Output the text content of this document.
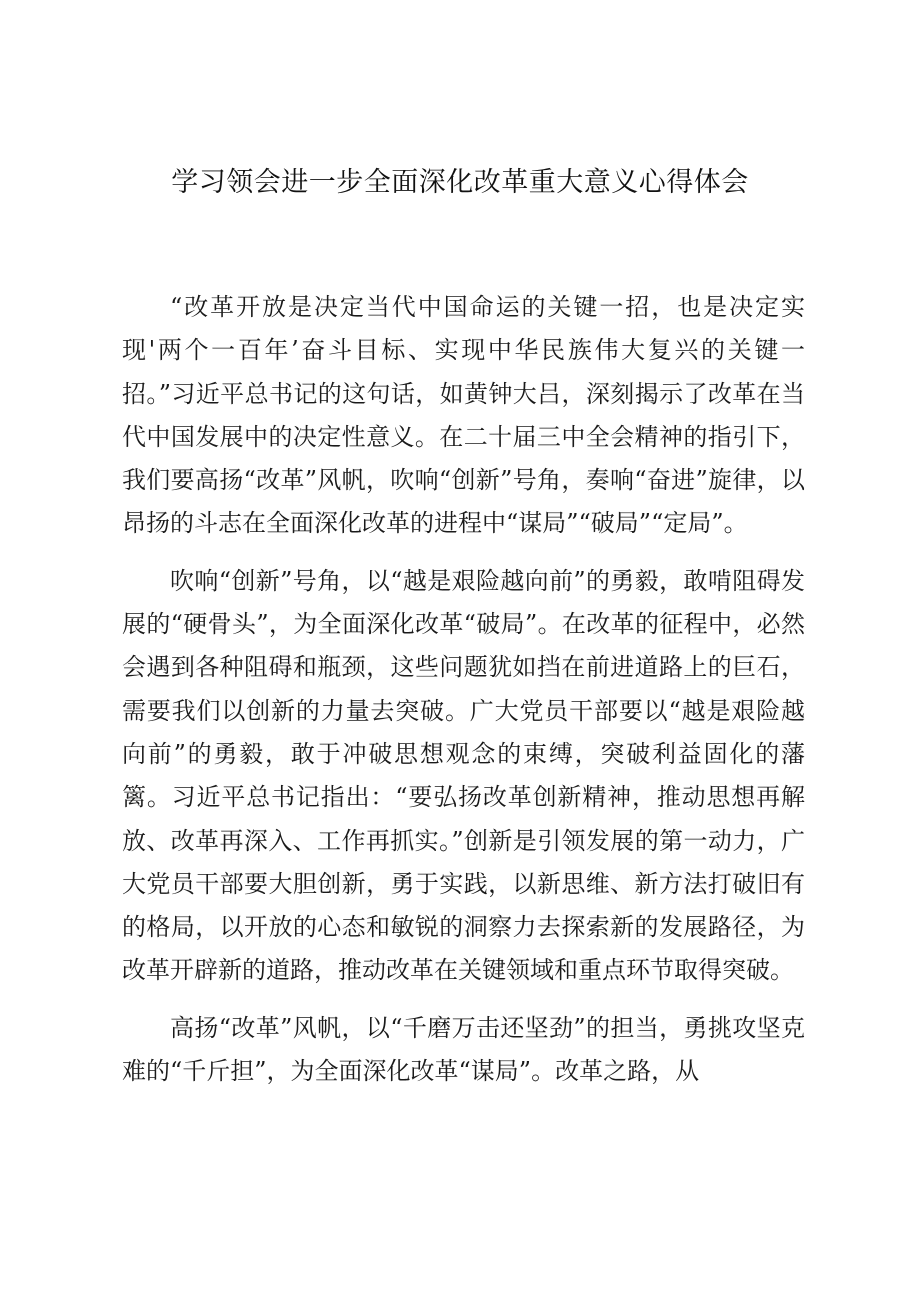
学习领会进一步全面深化改革重大意义心得体会

“改革开放是决定当代中国命运的关键一招，也是决定实现'两个一百年’奋斗目标、实现中华民族伟大复兴的关键一招。”习近平总书记的这句话，如黄钟大吕，深刻揭示了改革在当代中国发展中的决定性意义。在二十届三中全会精神的指引下，我们要高扬“改革”风帆，吹响“创新”号角，奏响“奋进”旋律，以昂扬的斗志在全面深化改革的进程中“谋局”“破局”“定局”。

吹响“创新”号角，以“越是艰险越向前”的勇毅，敢啃阻碍发展的“硬骨头”，为全面深化改革“破局”。在改革的征程中，必然会遇到各种阻碍和瓶颈，这些问题犹如挡在前进道路上的巨石，需要我们以创新的力量去突破。广大党员干部要以“越是艰险越向前”的勇毅，敢于冲破思想观念的束缚，突破利益固化的藩篱。习近平总书记指出：“要弘扬改革创新精神，推动思想再解放、改革再深入、工作再抓实。”创新是引领发展的第一动力，广大党员干部要大胆创新，勇于实践，以新思维、新方法打破旧有的格局，以开放的心态和敏锐的洞察力去探索新的发展路径，为改革开辟新的道路，推动改革在关键领域和重点环节取得突破。

高扬“改革”风帆，以“千磨万击还坚劲”的担当，勇挑攻坚克难的“千斤担”，为全面深化改革“谋局”。改革之路，从
